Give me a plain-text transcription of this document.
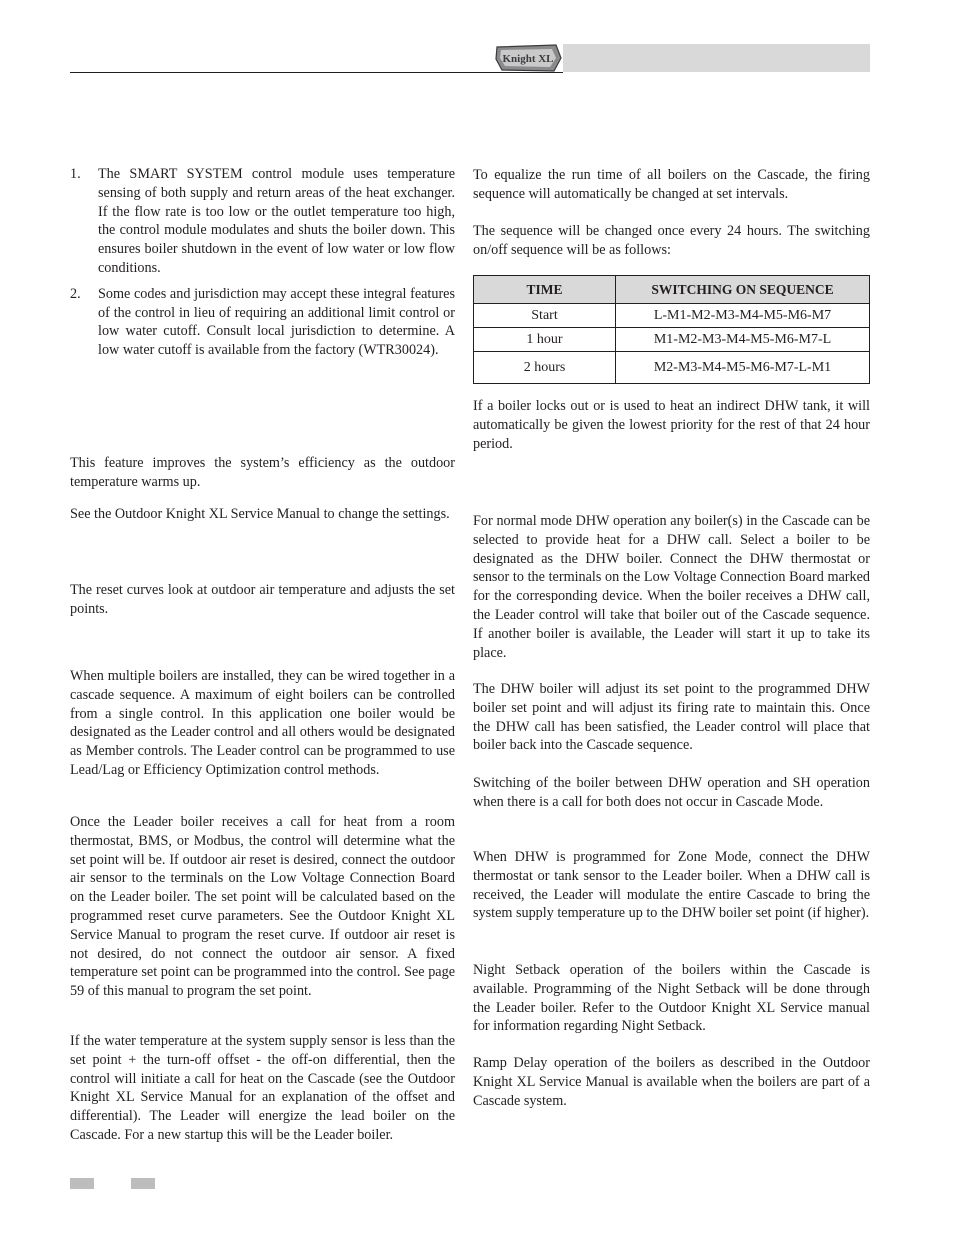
Knight XL
1. The SMART SYSTEM control module uses temperature sensing of both supply and return areas of the heat exchanger. If the flow rate is too low or the outlet temperature too high, the control module modulates and shuts the boiler down. This ensures boiler shutdown in the event of low water or low flow conditions.
2. Some codes and jurisdiction may accept these integral features of the control in lieu of requiring an additional limit control or low water cutoff. Consult local jurisdiction to determine. A low water cutoff is available from the factory (WTR30024).

This feature improves the system’s efficiency as the outdoor temperature warms up.

See the Outdoor Knight XL Service Manual to change the settings.

The reset curves look at outdoor air temperature and adjusts the set points.

When multiple boilers are installed, they can be wired together in a cascade sequence. A maximum of eight boilers can be controlled from a single control. In this application one boiler would be designated as the Leader control and all others would be designated as Member controls. The Leader control can be programmed to use Lead/Lag or Efficiency Optimization control methods.

Once the Leader boiler receives a call for heat from a room thermostat, BMS, or Modbus, the control will determine what the set point will be. If outdoor air reset is desired, connect the outdoor air sensor to the terminals on the Low Voltage Connection Board on the Leader boiler. The set point will be calculated based on the programmed reset curve parameters. See the Outdoor Knight XL Service Manual to program the reset curve. If outdoor air reset is not desired, do not connect the outdoor air sensor. A fixed temperature set point can be programmed into the control. See page 59 of this manual to program the set point.

If the water temperature at the system supply sensor is less than the set point + the turn-off offset - the off-on differential, then the control will initiate a call for heat on the Cascade (see the Outdoor Knight XL Service Manual for an explanation of the offset and differential). The Leader will energize the lead boiler on the Cascade. For a new startup this will be the Leader boiler.

To equalize the run time of all boilers on the Cascade, the firing sequence will automatically be changed at set intervals.

The sequence will be changed once every 24 hours. The switching on/off sequence will be as follows:

TIME	SWITCHING ON SEQUENCE
Start	L-M1-M2-M3-M4-M5-M6-M7
1 hour	M1-M2-M3-M4-M5-M6-M7-L
2 hours	M2-M3-M4-M5-M6-M7-L-M1

If a boiler locks out or is used to heat an indirect DHW tank, it will automatically be given the lowest priority for the rest of that 24 hour period.

For normal mode DHW operation any boiler(s) in the Cascade can be selected to provide heat for a DHW call. Select a boiler to be designated as the DHW boiler. Connect the DHW thermostat or sensor to the terminals on the Low Voltage Connection Board marked for the corresponding device. When the boiler receives a DHW call, the Leader control will take that boiler out of the Cascade sequence. If another boiler is available, the Leader will start it up to take its place.

The DHW boiler will adjust its set point to the programmed DHW boiler set point and will adjust its firing rate to maintain this. Once the DHW call has been satisfied, the Leader control will place that boiler back into the Cascade sequence.

Switching of the boiler between DHW operation and SH operation when there is a call for both does not occur in Cascade Mode.

When DHW is programmed for Zone Mode, connect the DHW thermostat or tank sensor to the Leader boiler. When a DHW call is received, the Leader will modulate the entire Cascade to bring the system supply temperature up to the DHW boiler set point (if higher).

Night Setback operation of the boilers within the Cascade is available. Programming of the Night Setback will be done through the Leader boiler. Refer to the Outdoor Knight XL Service manual for information regarding Night Setback.

Ramp Delay operation of the boilers as described in the Outdoor Knight XL Service Manual is available when the boilers are part of a Cascade system.
